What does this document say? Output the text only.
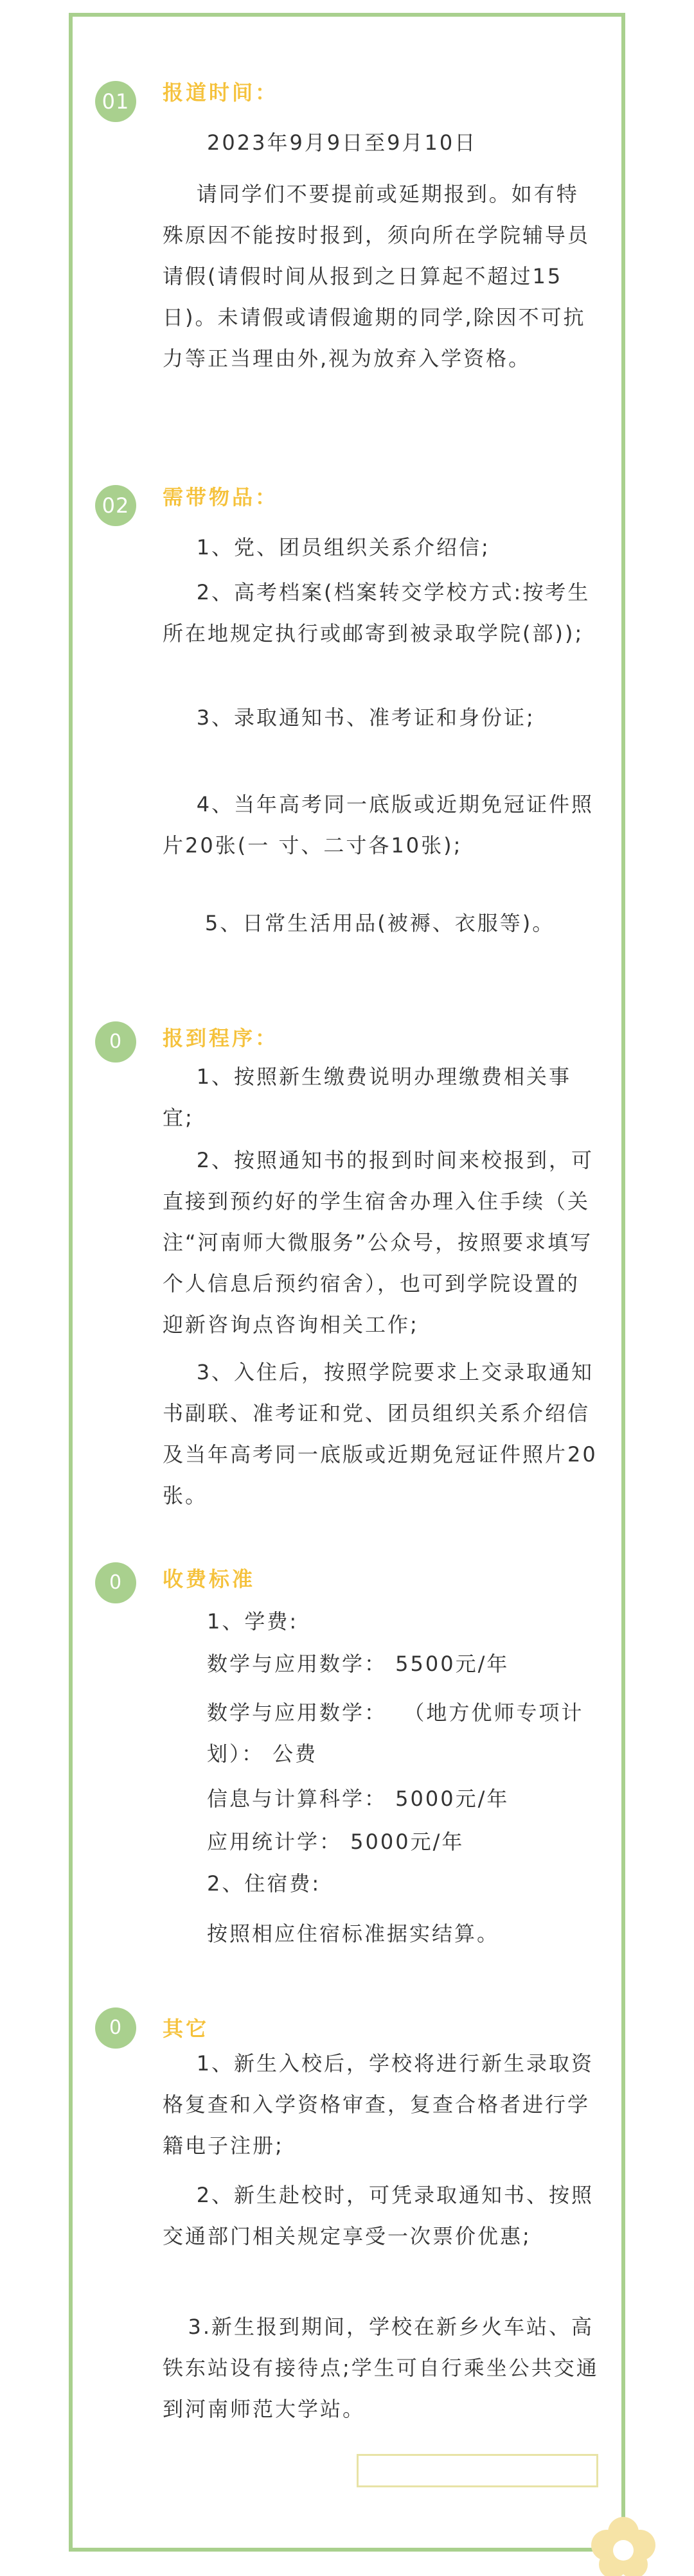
01	报道时间：
2023年9月9日至9月10日
请同学们不要提前或延期报到。如有特殊原因不能按时报到，须向所在学院辅导员请假(请假时间从报到之日算起不超过15日)。未请假或请假逾期的同学,除因不可抗力等正当理由外,视为放弃入学资格。
02	需带物品：
1、党、团员组织关系介绍信;
2、高考档案(档案转交学校方式:按考生所在地规定执行或邮寄到被录取学院(部));
3、录取通知书、准考证和身份证;
4、当年高考同一底版或近期免冠证件照片20张(一 寸、二寸各10张);
5、日常生活用品(被褥、衣服等)。
0	报到程序：
1、按照新生缴费说明办理缴费相关事宜;
2、按照通知书的报到时间来校报到，可直接到预约好的学生宿舍办理入住手续（关注“河南师大微服务”公众号，按照要求填写个人信息后预约宿舍），也可到学院设置的迎新咨询点咨询相关工作;
3、入住后，按照学院要求上交录取通知书副联、准考证和党、团员组织关系介绍信及当年高考同一底版或近期免冠证件照片20张。
0	收费标准
1、学费:
数学与应用数学： 5500元/年
数学与应用数学：  （地方优师专项计划）： 公费
信息与计算科学： 5000元/年
应用统计学： 5000元/年
2、住宿费:
按照相应住宿标准据实结算。
0	其它
1、新生入校后，学校将进行新生录取资格复查和入学资格审查，复查合格者进行学籍电子注册;
2、新生赴校时，可凭录取通知书、按照交通部门相关规定享受一次票价优惠;
3.新生报到期间，学校在新乡火车站、高铁东站设有接待点;学生可自行乘坐公共交通到河南师范大学站。
